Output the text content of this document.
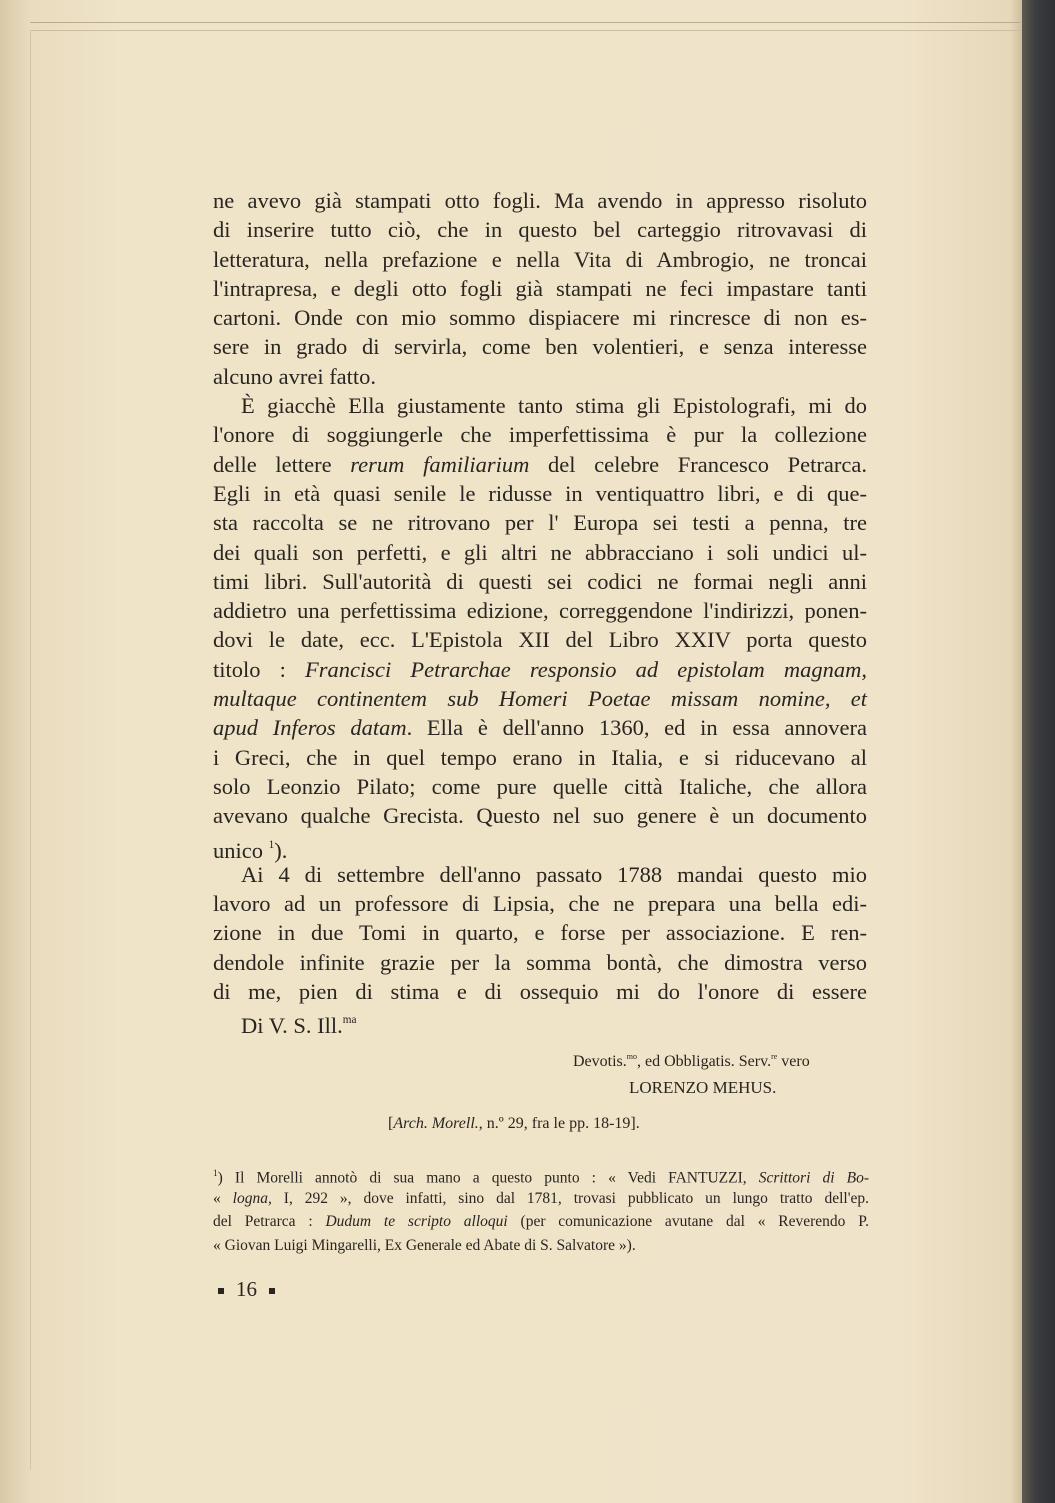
ne avevo già stampati otto fogli. Ma avendo in appresso risoluto
di inserire tutto ciò, che in questo bel carteggio ritrovavasi di
letteratura, nella prefazione e nella Vita di Ambrogio, ne troncai
l'intrapresa, e degli otto fogli già stampati ne feci impastare tanti
cartoni. Onde con mio sommo dispiacere mi rincresce di non es-
sere in grado di servirla, come ben volentieri, e senza interesse
alcuno avrei fatto.
È giacchè Ella giustamente tanto stima gli Epistolografi, mi do
l'onore di soggiungerle che imperfettissima è pur la collezione
delle lettere rerum familiarium del celebre Francesco Petrarca.
Egli in età quasi senile le ridusse in ventiquattro libri, e di que-
sta raccolta se ne ritrovano per l' Europa sei testi a penna, tre
dei quali son perfetti, e gli altri ne abbracciano i soli undici ul-
timi libri. Sull'autorità di questi sei codici ne formai negli anni
addietro una perfettissima edizione, correggendone l'indirizzi, ponen-
dovi le date, ecc. L'Epistola XII del Libro XXIV porta questo
titolo : Francisci Petrarchae responsio ad epistolam magnam,
multaque continentem sub Homeri Poetae missam nomine, et
apud Inferos datam. Ella è dell'anno 1360, ed in essa annovera
i Greci, che in quel tempo erano in Italia, e si riducevano al
solo Leonzio Pilato; come pure quelle città Italiche, che allora
avevano qualche Grecista. Questo nel suo genere è un documento
unico $^1$).
Ai 4 di settembre dell'anno passato 1788 mandai questo mio
lavoro ad un professore di Lipsia, che ne prepara una bella edi-
zione in due Tomi in quarto, e forse per associazione. E ren-
dendole infinite grazie per la somma bontà, che dimostra verso
di me, pien di stima e di ossequio mi do l'onore di essere
Di V. S. Ill.$^{ma}$
Devotis.$^{mo}$, ed Obbligatis. Serv.$^{re}$ vero
LORENZO MEHUS.
[Arch. Morell., n.º 29, fra le pp. 18-19].
$^1$) Il Morelli annotò di sua mano a questo punto : « Vedi FANTUZZI, Scrittori di Bo-
« logna, I, 292 », dove infatti, sino dal 1781, trovasi pubblicato un lungo tratto dell'ep.
del Petrarca : Dudum te scripto alloqui (per comunicazione avutane dal « Reverendo P.
« Giovan Luigi Mingarelli, Ex Generale ed Abate di S. Salvatore »).
16
